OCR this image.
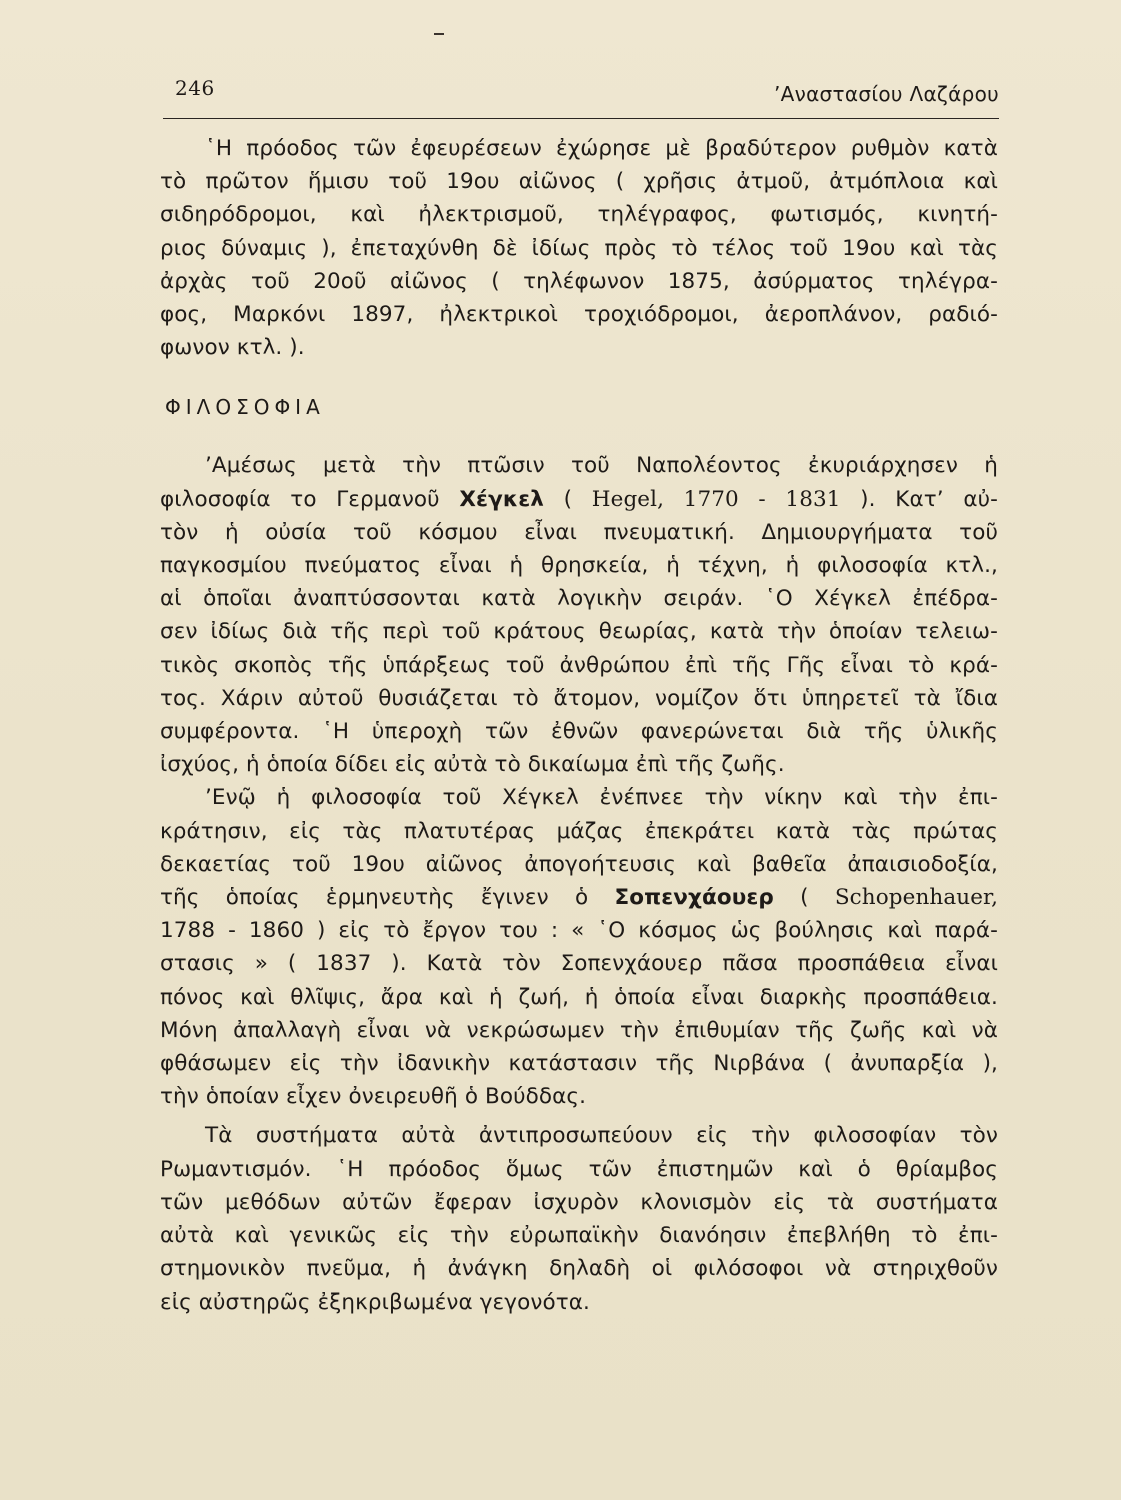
246	’Αναστασίου Λαζάρου
῾Η πρόοδος τῶν ἐφευρέσεων ἐχώρησε μὲ βραδύτερον ρυθμὸν κατὰ
τὸ πρῶτον ἥμισυ τοῦ 19ου αἰῶνος ( χρῆσις ἀτμοῦ, ἀτμόπλοια καὶ
σιδηρόδρομοι, καὶ ἠλεκτρισμοῦ, τηλέγραφος, φωτισμός, κινητή-
ριος δύναμις ), ἐπεταχύνθη δὲ ἰδίως πρὸς τὸ τέλος τοῦ 19ου καὶ τὰς
ἀρχὰς τοῦ 20οῦ αἰῶνος ( τηλέφωνον 1875, ἀσύρματος τηλέγρα-
φος, Μαρκόνι 1897, ἠλεκτρικοὶ τροχιόδρομοι, ἀεροπλάνον, ραδιό-
φωνον κτλ. ).
ΦΙΛΟΣΟΦΙΑ
’Αμέσως μετὰ τὴν πτῶσιν τοῦ Ναπολέοντος ἐκυριάρχησεν ἡ
φιλοσοφία το Γερμανοῦ Χέγκελ ( Hegel, 1770 - 1831 ). Κατ’ αὐ-
τὸν ἡ οὐσία τοῦ κόσμου εἶναι πνευματική. Δημιουργήματα τοῦ
παγκοσμίου πνεύματος εἶναι ἡ θρησκεία, ἡ τέχνη, ἡ φιλοσοφία κτλ.,
αἱ ὁποῖαι ἀναπτύσσονται κατὰ λογικὴν σειράν. ῾Ο Χέγκελ ἐπέδρα-
σεν ἰδίως διὰ τῆς περὶ τοῦ κράτους θεωρίας, κατὰ τὴν ὁποίαν τελειω-
τικὸς σκοπὸς τῆς ὑπάρξεως τοῦ ἀνθρώπου ἐπὶ τῆς Γῆς εἶναι τὸ κρά-
τος. Χάριν αὐτοῦ θυσιάζεται τὸ ἄτομον, νομίζον ὅτι ὑπηρετεῖ τὰ ἴδια
συμφέροντα. ῾Η ὑπεροχὴ τῶν ἐθνῶν φανερώνεται διὰ τῆς ὑλικῆς
ἰσχύος, ἡ ὁποία δίδει εἰς αὐτὰ τὸ δικαίωμα ἐπὶ τῆς ζωῆς.
’Ενῷ ἡ φιλοσοφία τοῦ Χέγκελ ἐνέπνεε τὴν νίκην καὶ τὴν ἐπι-
κράτησιν, εἰς τὰς πλατυτέρας μάζας ἐπεκράτει κατὰ τὰς πρώτας
δεκαετίας τοῦ 19ου αἰῶνος ἀπογοήτευσις καὶ βαθεῖα ἀπαισιοδοξία,
τῆς ὁποίας ἑρμηνευτὴς ἔγινεν ὁ Σοπενχάουερ ( Schopenhauer,
1788 - 1860 ) εἰς τὸ ἔργον του : « ῾Ο κόσμος ὡς βούλησις καὶ παρά-
στασις » ( 1837 ). Κατὰ τὸν Σοπενχάουερ πᾶσα προσπάθεια εἶναι
πόνος καὶ θλῖψις, ἄρα καὶ ἡ ζωή, ἡ ὁποία εἶναι διαρκὴς προσπάθεια.
Μόνη ἀπαλλαγὴ εἶναι νὰ νεκρώσωμεν τὴν ἐπιθυμίαν τῆς ζωῆς καὶ νὰ
φθάσωμεν εἰς τὴν ἰδανικὴν κατάστασιν τῆς Νιρβάνα ( ἀνυπαρξία ),
τὴν ὁποίαν εἶχεν ὀνειρευθῆ ὁ Βούδδας.
Τὰ συστήματα αὐτὰ ἀντιπροσωπεύουν εἰς τὴν φιλοσοφίαν τὸν
Ρωμαντισμόν. ῾Η πρόοδος ὅμως τῶν ἐπιστημῶν καὶ ὁ θρίαμβος
τῶν μεθόδων αὐτῶν ἔφεραν ἰσχυρὸν κλονισμὸν εἰς τὰ συστήματα
αὐτὰ καὶ γενικῶς εἰς τὴν εὐρωπαϊκὴν διανόησιν ἐπεβλήθη τὸ ἐπι-
στημονικὸν πνεῦμα, ἡ ἀνάγκη δηλαδὴ οἱ φιλόσοφοι νὰ στηριχθοῦν
εἰς αὐστηρῶς ἐξηκριβωμένα γεγονότα.
